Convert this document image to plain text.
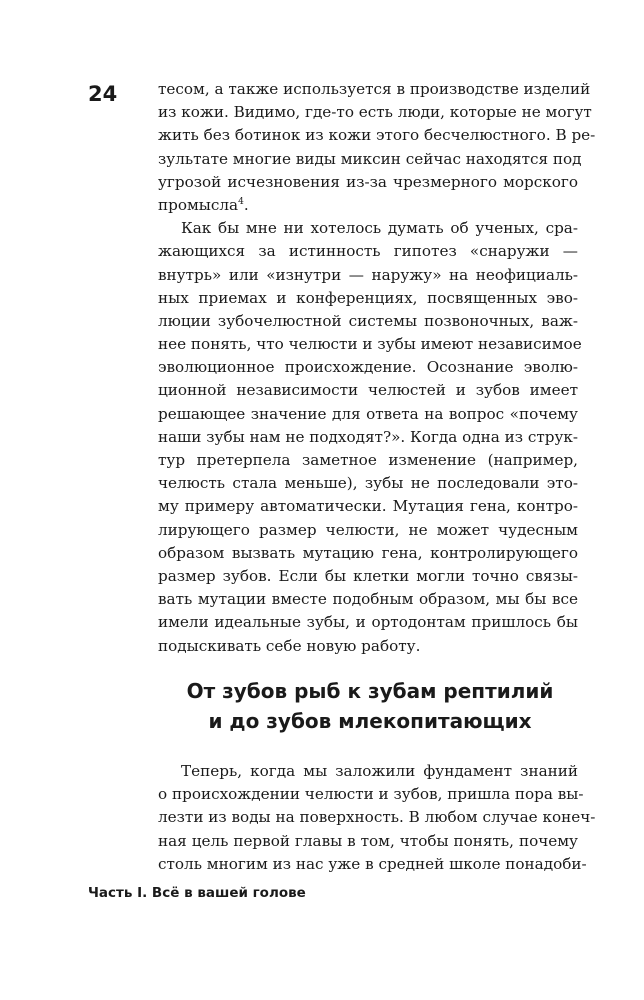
24	тесом, а также используется в производстве изделий
из кожи. Видимо, где-то есть люди, которые не могут
жить без ботинок из кожи этого бесчелюстного. В ре-
зультате многие виды миксин сейчас находятся под
угрозой исчезновения из-за чрезмерного морского
промысла$^4$.
Как бы мне ни хотелось думать об ученых, сра-
жающихся за истинность гипотез «снаружи —
внутрь» или «изнутри — наружу» на неофициаль-
ных приемах и конференциях, посвященных эво-
люции зубочелюстной системы позвоночных, важ-
нее понять, что челюсти и зубы имеют независимое
эволюционное происхождение. Осознание эволю-
ционной независимости челюстей и зубов имеет
решающее значение для ответа на вопрос «почему
наши зубы нам не подходят?». Когда одна из струк-
тур претерпела заметное изменение (например,
челюсть стала меньше), зубы не последовали это-
му примеру автоматически. Мутация гена, контро-
лирующего размер челюсти, не может чудесным
образом вызвать мутацию гена, контролирующего
размер зубов. Если бы клетки могли точно связы-
вать мутации вместе подобным образом, мы бы все
имели идеальные зубы, и ортодонтам пришлось бы
подыскивать себе новую работу.
От зубов рыб к зубам рептилий
и до зубов млекопитающих
Теперь, когда мы заложили фундамент знаний
о происхождении челюсти и зубов, пришла пора вы-
лезти из воды на поверхность. В любом случае конеч-
ная цель первой главы в том, чтобы понять, почему
столь многим из нас уже в средней школе понадоби-
Часть I. Всё в вашей голове
